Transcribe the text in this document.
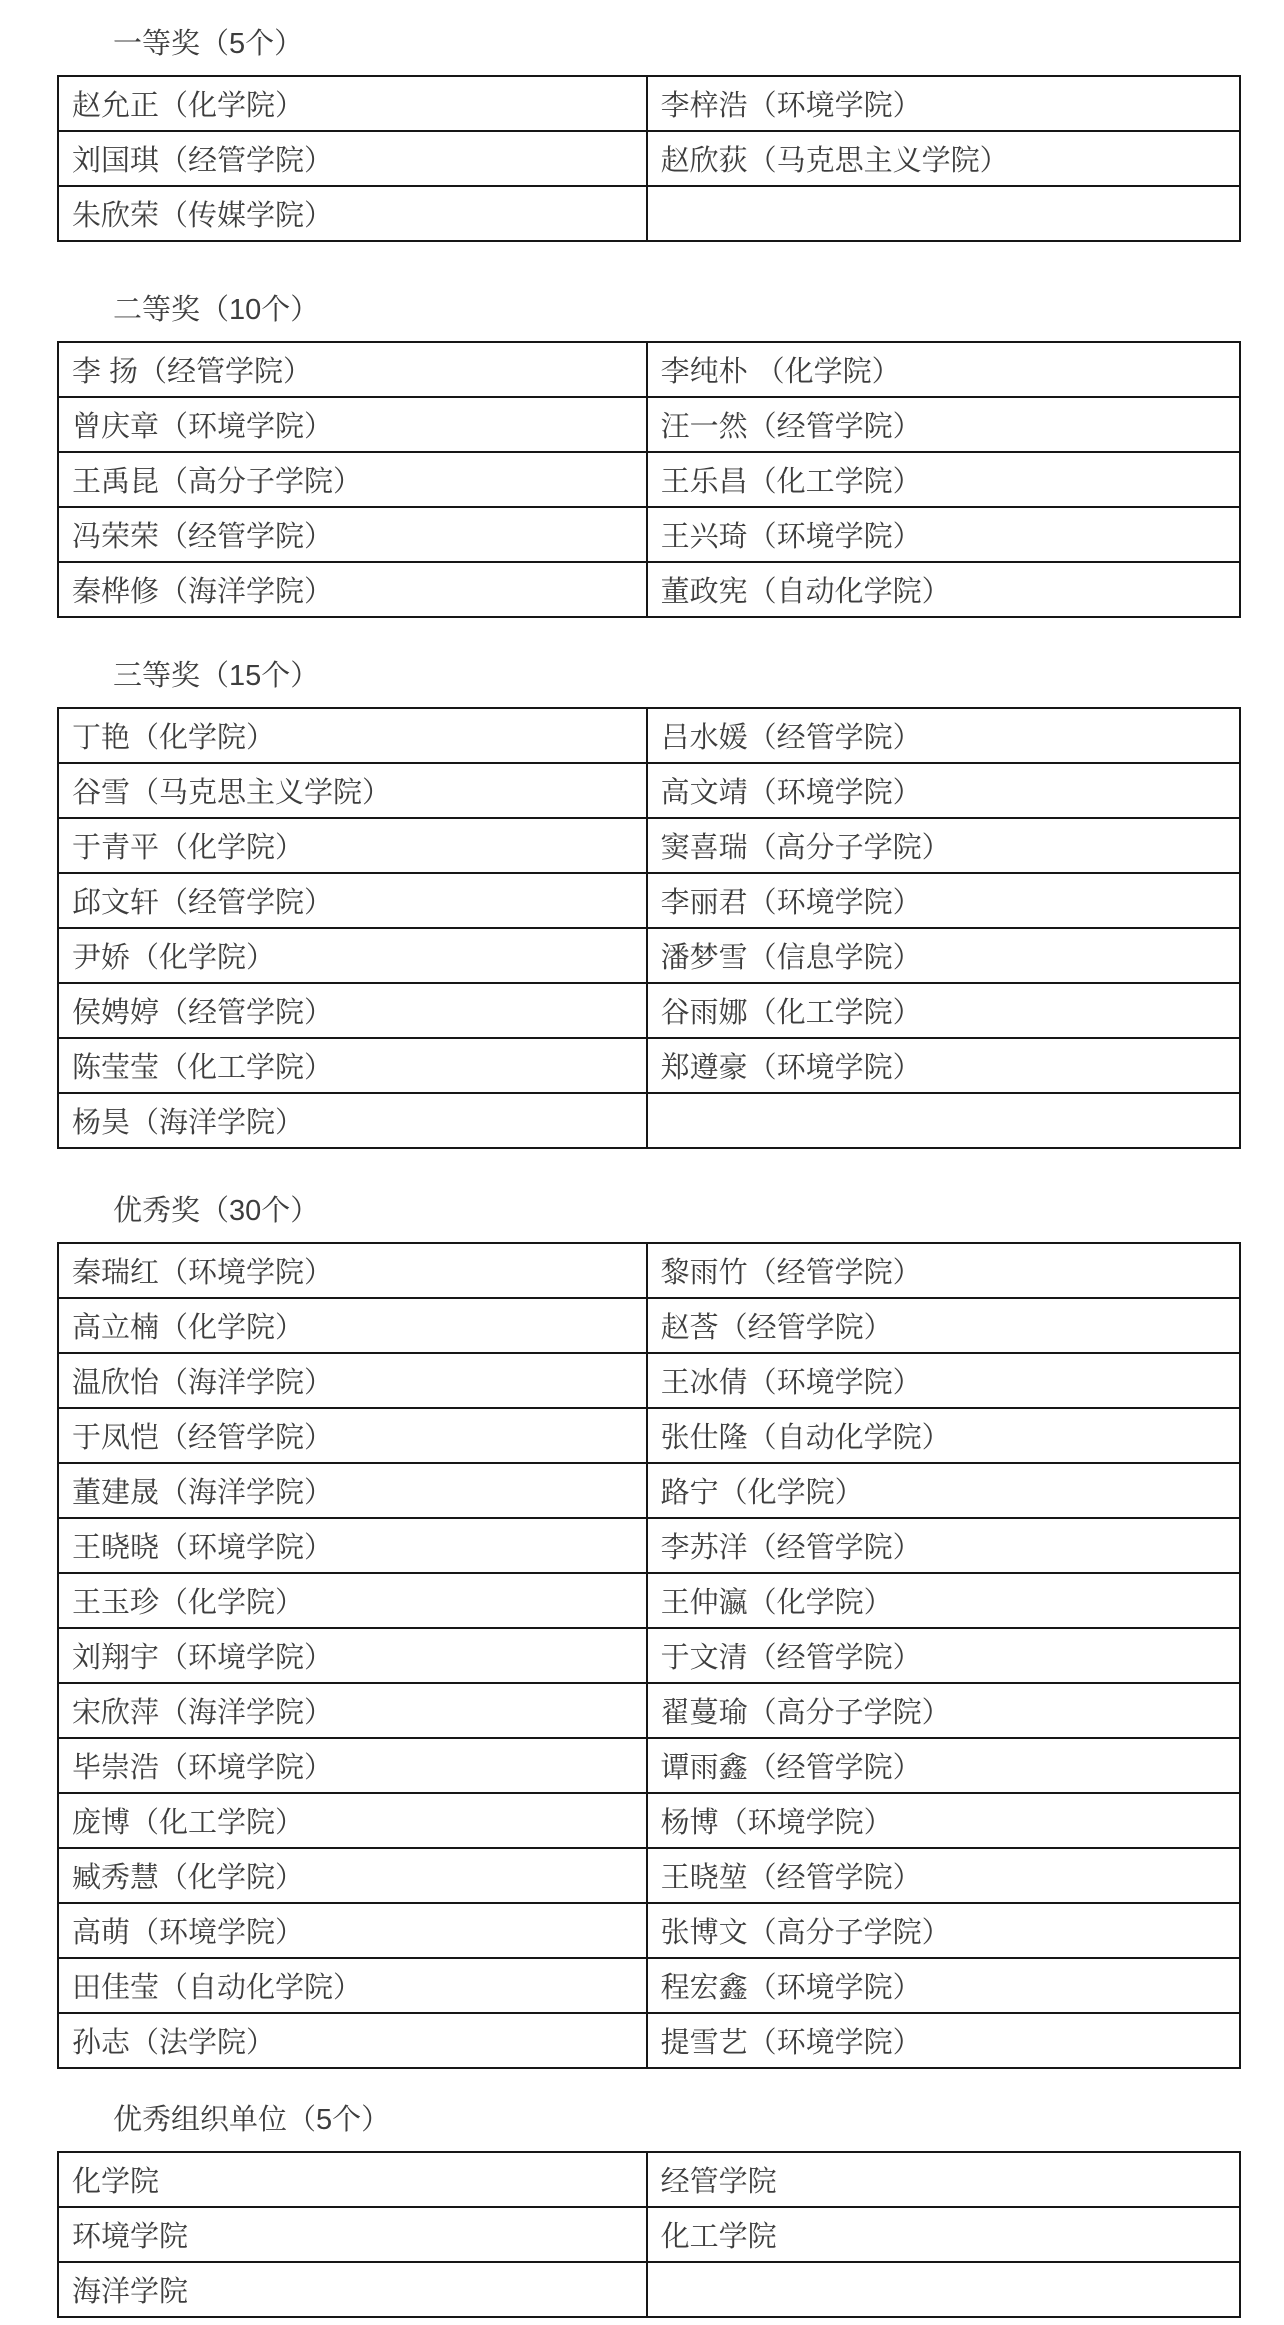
一等奖（5个）
赵允正（化学院）	李梓浩（环境学院）
刘国琪（经管学院）	赵欣荻（马克思主义学院）
朱欣荣（传媒学院）	
二等奖（10个）
李 扬（经管学院）	李纯朴 （化学院）
曾庆章（环境学院）	汪一然（经管学院）
王禹昆（高分子学院）	王乐昌（化工学院）
冯荣荣（经管学院）	王兴琦（环境学院）
秦桦修（海洋学院）	董政宪（自动化学院）
三等奖（15个）
丁艳（化学院）	吕水媛（经管学院）
谷雪（马克思主义学院）	高文靖（环境学院）
于青平（化学院）	窦喜瑞（高分子学院）
邱文轩（经管学院）	李丽君（环境学院）
尹娇（化学院）	潘梦雪（信息学院）
侯娉婷（经管学院）	谷雨娜（化工学院）
陈莹莹（化工学院）	郑遵豪（环境学院）
杨昊（海洋学院）	
优秀奖（30个）
秦瑞红（环境学院）	黎雨竹（经管学院）
高立楠（化学院）	赵莟（经管学院）
温欣怡（海洋学院）	王冰倩（环境学院）
于凤恺（经管学院）	张仕隆（自动化学院）
董建晟（海洋学院）	路宁（化学院）
王晓晓（环境学院）	李苏洋（经管学院）
王玉珍（化学院）	王仲瀛（化学院）
刘翔宇（环境学院）	于文清（经管学院）
宋欣萍（海洋学院）	翟蔓瑜（高分子学院）
毕崇浩（环境学院）	谭雨鑫（经管学院）
庞博（化工学院）	杨博（环境学院）
臧秀慧（化学院）	王晓堃（经管学院）
高萌（环境学院）	张博文（高分子学院）
田佳莹（自动化学院）	程宏鑫（环境学院）
孙志（法学院）	提雪艺（环境学院）
优秀组织单位（5个）
化学院	经管学院
环境学院	化工学院
海洋学院	
